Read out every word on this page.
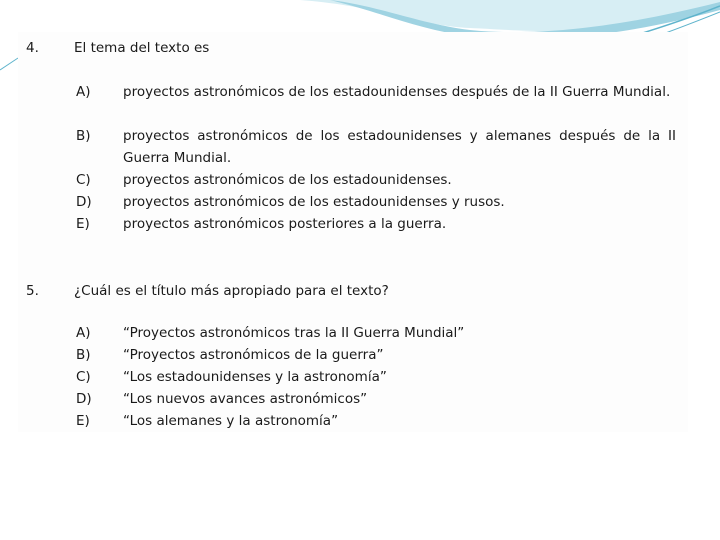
4.	El tema del texto es
A) proyectos astronómicos de los estadounidenses después de la II Guerra Mundial.
B) proyectos astronómicos de los estadounidenses y alemanes después de la II Guerra Mundial.
C) proyectos astronómicos de los estadounidenses.
D) proyectos astronómicos de los estadounidenses y rusos.
E) proyectos astronómicos posteriores a la guerra.
5.	¿Cuál es el título más apropiado para el texto?
A) “Proyectos astronómicos tras la II Guerra Mundial”
B) “Proyectos astronómicos de la guerra”
C) “Los estadounidenses y la astronomía”
D) “Los nuevos avances astronómicos”
E) “Los alemanes y la astronomía”
